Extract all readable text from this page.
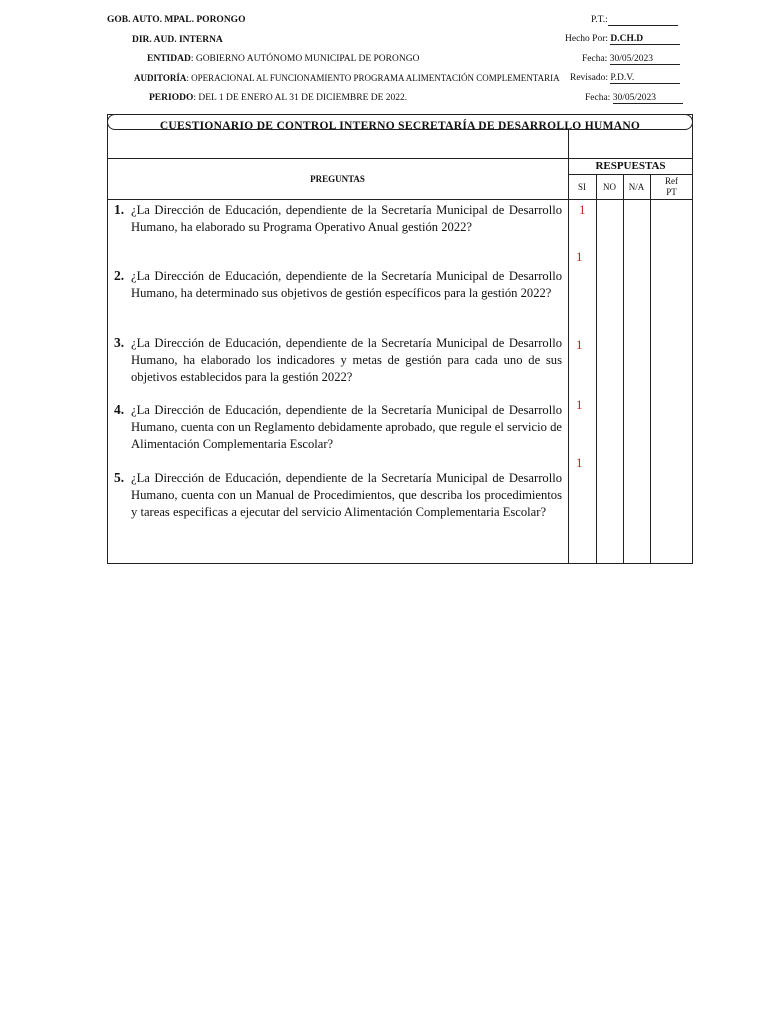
GOB. AUTO. MPAL. PORONGO
DIR. AUD. INTERNA
ENTIDAD: GOBIERNO AUTÓNOMO MUNICIPAL DE PORONGO
AUDITORÍA: OPERACIONAL AL FUNCIONAMIENTO PROGRAMA ALIMENTACIÓN COMPLEMENTARIA
PERIODO: DEL 1 DE ENERO AL 31 DE DICIEMBRE DE 2022.
P.T.:
Hecho Por: D.CH.D
Fecha: 30/05/2023
Revisado: P.D.V.
Fecha: 30/05/2023
CUESTIONARIO DE CONTROL INTERNO SECRETARÍA DE DESARROLLO HUMANO
PREGUNTAS
RESPUESTAS
SI	NO	N/A
Ref
PT
1. ¿La Dirección de Educación, dependiente de la Secretaría Municipal de Desarrollo Humano, ha elaborado su Programa Operativo Anual gestión 2022?
1
2. ¿La Dirección de Educación, dependiente de la Secretaría Municipal de Desarrollo Humano, ha determinado sus objetivos de gestión específicos para la gestión 2022?
1
3. ¿La Dirección de Educación, dependiente de la Secretaría Municipal de Desarrollo Humano, ha elaborado los indicadores y metas de gestión para cada uno de sus objetivos establecidos para la gestión 2022?
1
4. ¿La Dirección de Educación, dependiente de la Secretaría Municipal de Desarrollo Humano, cuenta con un Reglamento debidamente aprobado, que regule el servicio de Alimentación Complementaria Escolar?
1
5. ¿La Dirección de Educación, dependiente de la Secretaría Municipal de Desarrollo Humano, cuenta con un Manual de Procedimientos, que describa los procedimientos y tareas especificas a ejecutar del servicio Alimentación Complementaria Escolar?
1
